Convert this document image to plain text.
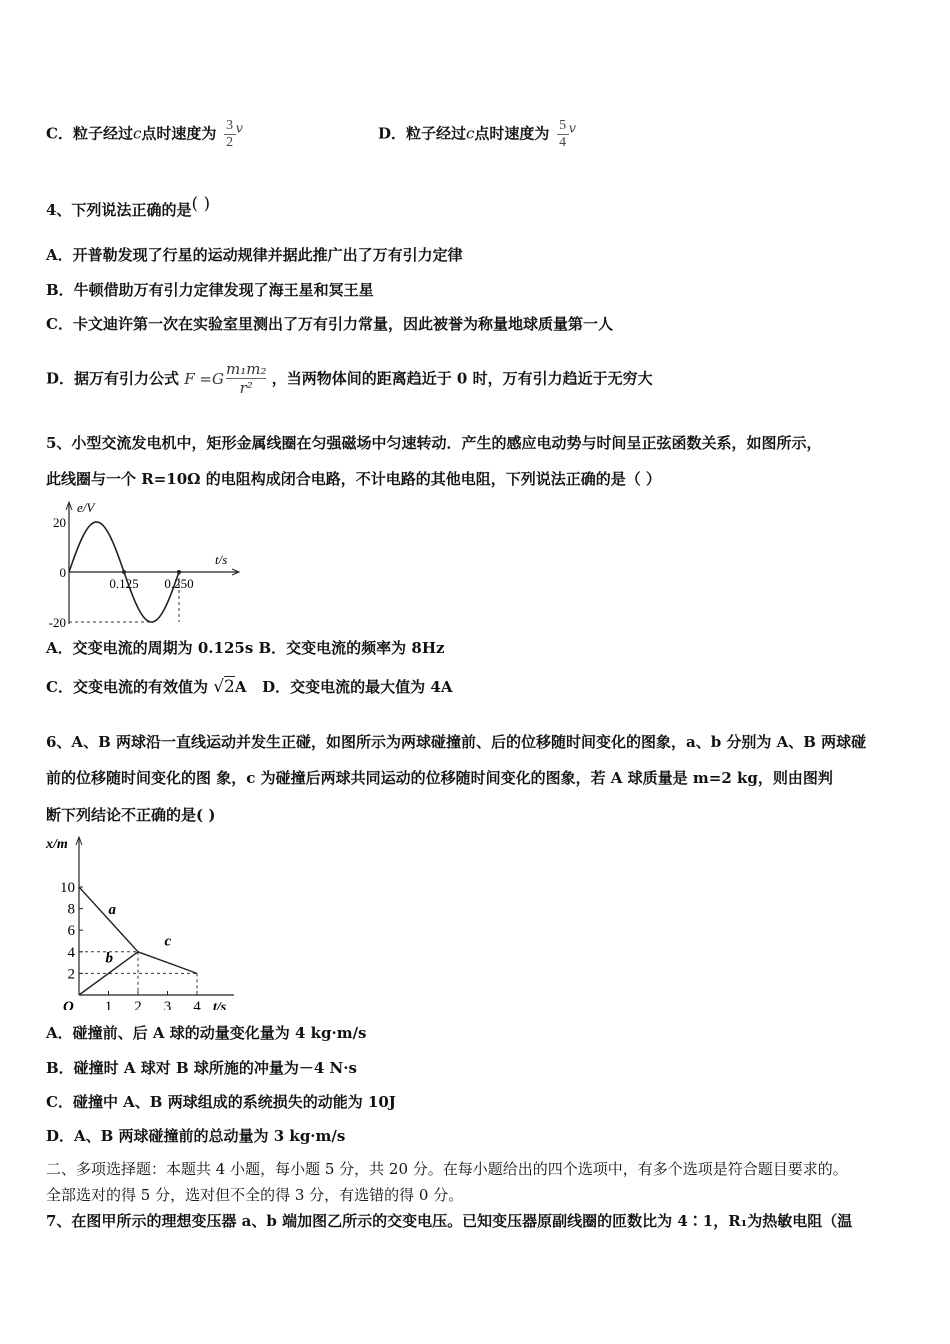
C．粒子经过c点时速度为 $\frac{3}{2}$ v	D．粒子经过c点时速度为 $\frac{5}{4}$ v
4、下列说法正确的是( )
A．开普勒发现了行星的运动规律并据此推广出了万有引力定律
B．牛顿借助万有引力定律发现了海王星和冥王星
C．卡文迪许第一次在实验室里测出了万有引力常量，因此被誉为称量地球质量第一人
D．据万有引力公式 F =G
m₁m₂
r²
，当两物体间的距离趋近于 0 时，万有引力趋近于无穷大
5、小型交流发电机中，矩形金属线圈在匀强磁场中匀速转动．产生的感应电动势与时间呈正弦函数关系，如图所示，
此线圈与一个 R=10Ω 的电阻构成闭合电路，不计电路的其他电阻，下列说法正确的是（ ）
e/V
t/s
20
0
-20
0.125 0.250
A．交变电流的周期为 0.125s B．交变电流的频率为 8Hz
C．交变电流的有效值为 √2A D．交变电流的最大值为 4A
6、A、B 两球沿一直线运动并发生正碰，如图所示为两球碰撞前、后的位移随时间变化的图象，a、b 分别为 A、B 两球碰
前的位移随时间变化的图 象，c 为碰撞后两球共同运动的位移随时间变化的图象，若 A 球质量是 m=2 kg，则由图判
断下列结论不正确的是( )
x/m
t/s
O
2
4
6
8
10
1 2 3 4
a
b
c
A．碰撞前、后 A 球的动量变化量为 4 kg·m/s
B．碰撞时 A 球对 B 球所施的冲量为－4 N·s
C．碰撞中 A、B 两球组成的系统损失的动能为 10J
D．A、B 两球碰撞前的总动量为 3 kg·m/s
二、多项选择题：本题共 4 小题，每小题 5 分，共 20 分。在每小题给出的四个选项中，有多个选项是符合题目要求的。
全部选对的得 5 分，选对但不全的得 3 分，有选错的得 0 分。
7、在图甲所示的理想变压器 a、b 端加图乙所示的交变电压。已知变压器原副线圈的匝数比为 4∶1，R₁为热敏电阻（温
